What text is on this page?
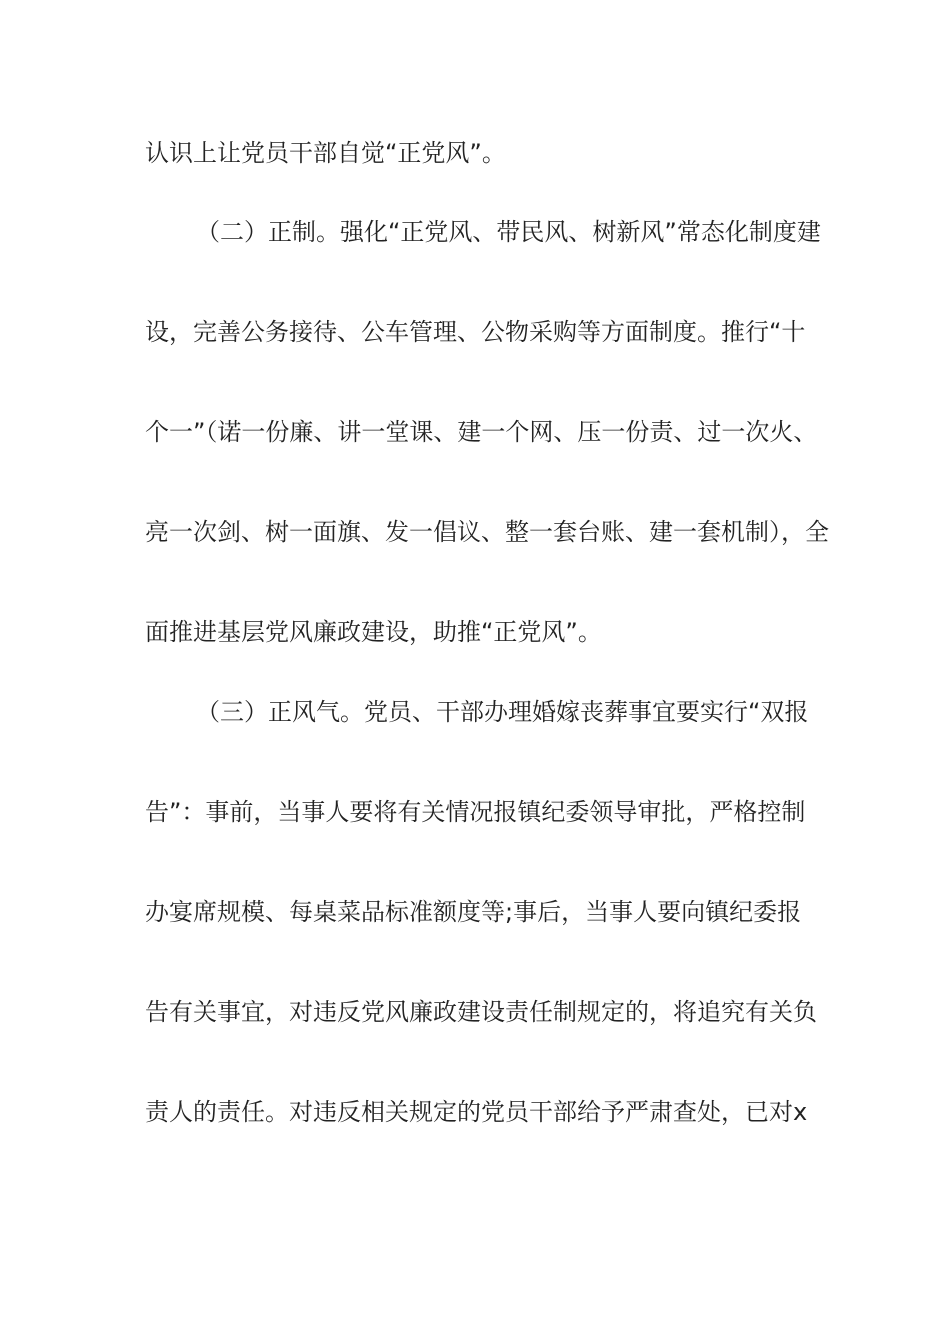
认识上让党员干部自觉“正党风”。
（二）正制。强化“正党风、带民风、树新风”常态化制度建
设，完善公务接待、公车管理、公物采购等方面制度。推行“十
个一”（诺一份廉、讲一堂课、建一个网、压一份责、过一次火、
亮一次剑、树一面旗、发一倡议、整一套台账、建一套机制），全
面推进基层党风廉政建设，助推“正党风”。
（三）正风气。党员、干部办理婚嫁丧葬事宜要实行“双报
告”：事前，当事人要将有关情况报镇纪委领导审批，严格控制
办宴席规模、每桌菜品标准额度等;事后，当事人要向镇纪委报
告有关事宜，对违反党风廉政建设责任制规定的，将追究有关负
责人的责任。对违反相关规定的党员干部给予严肃查处，已对x
